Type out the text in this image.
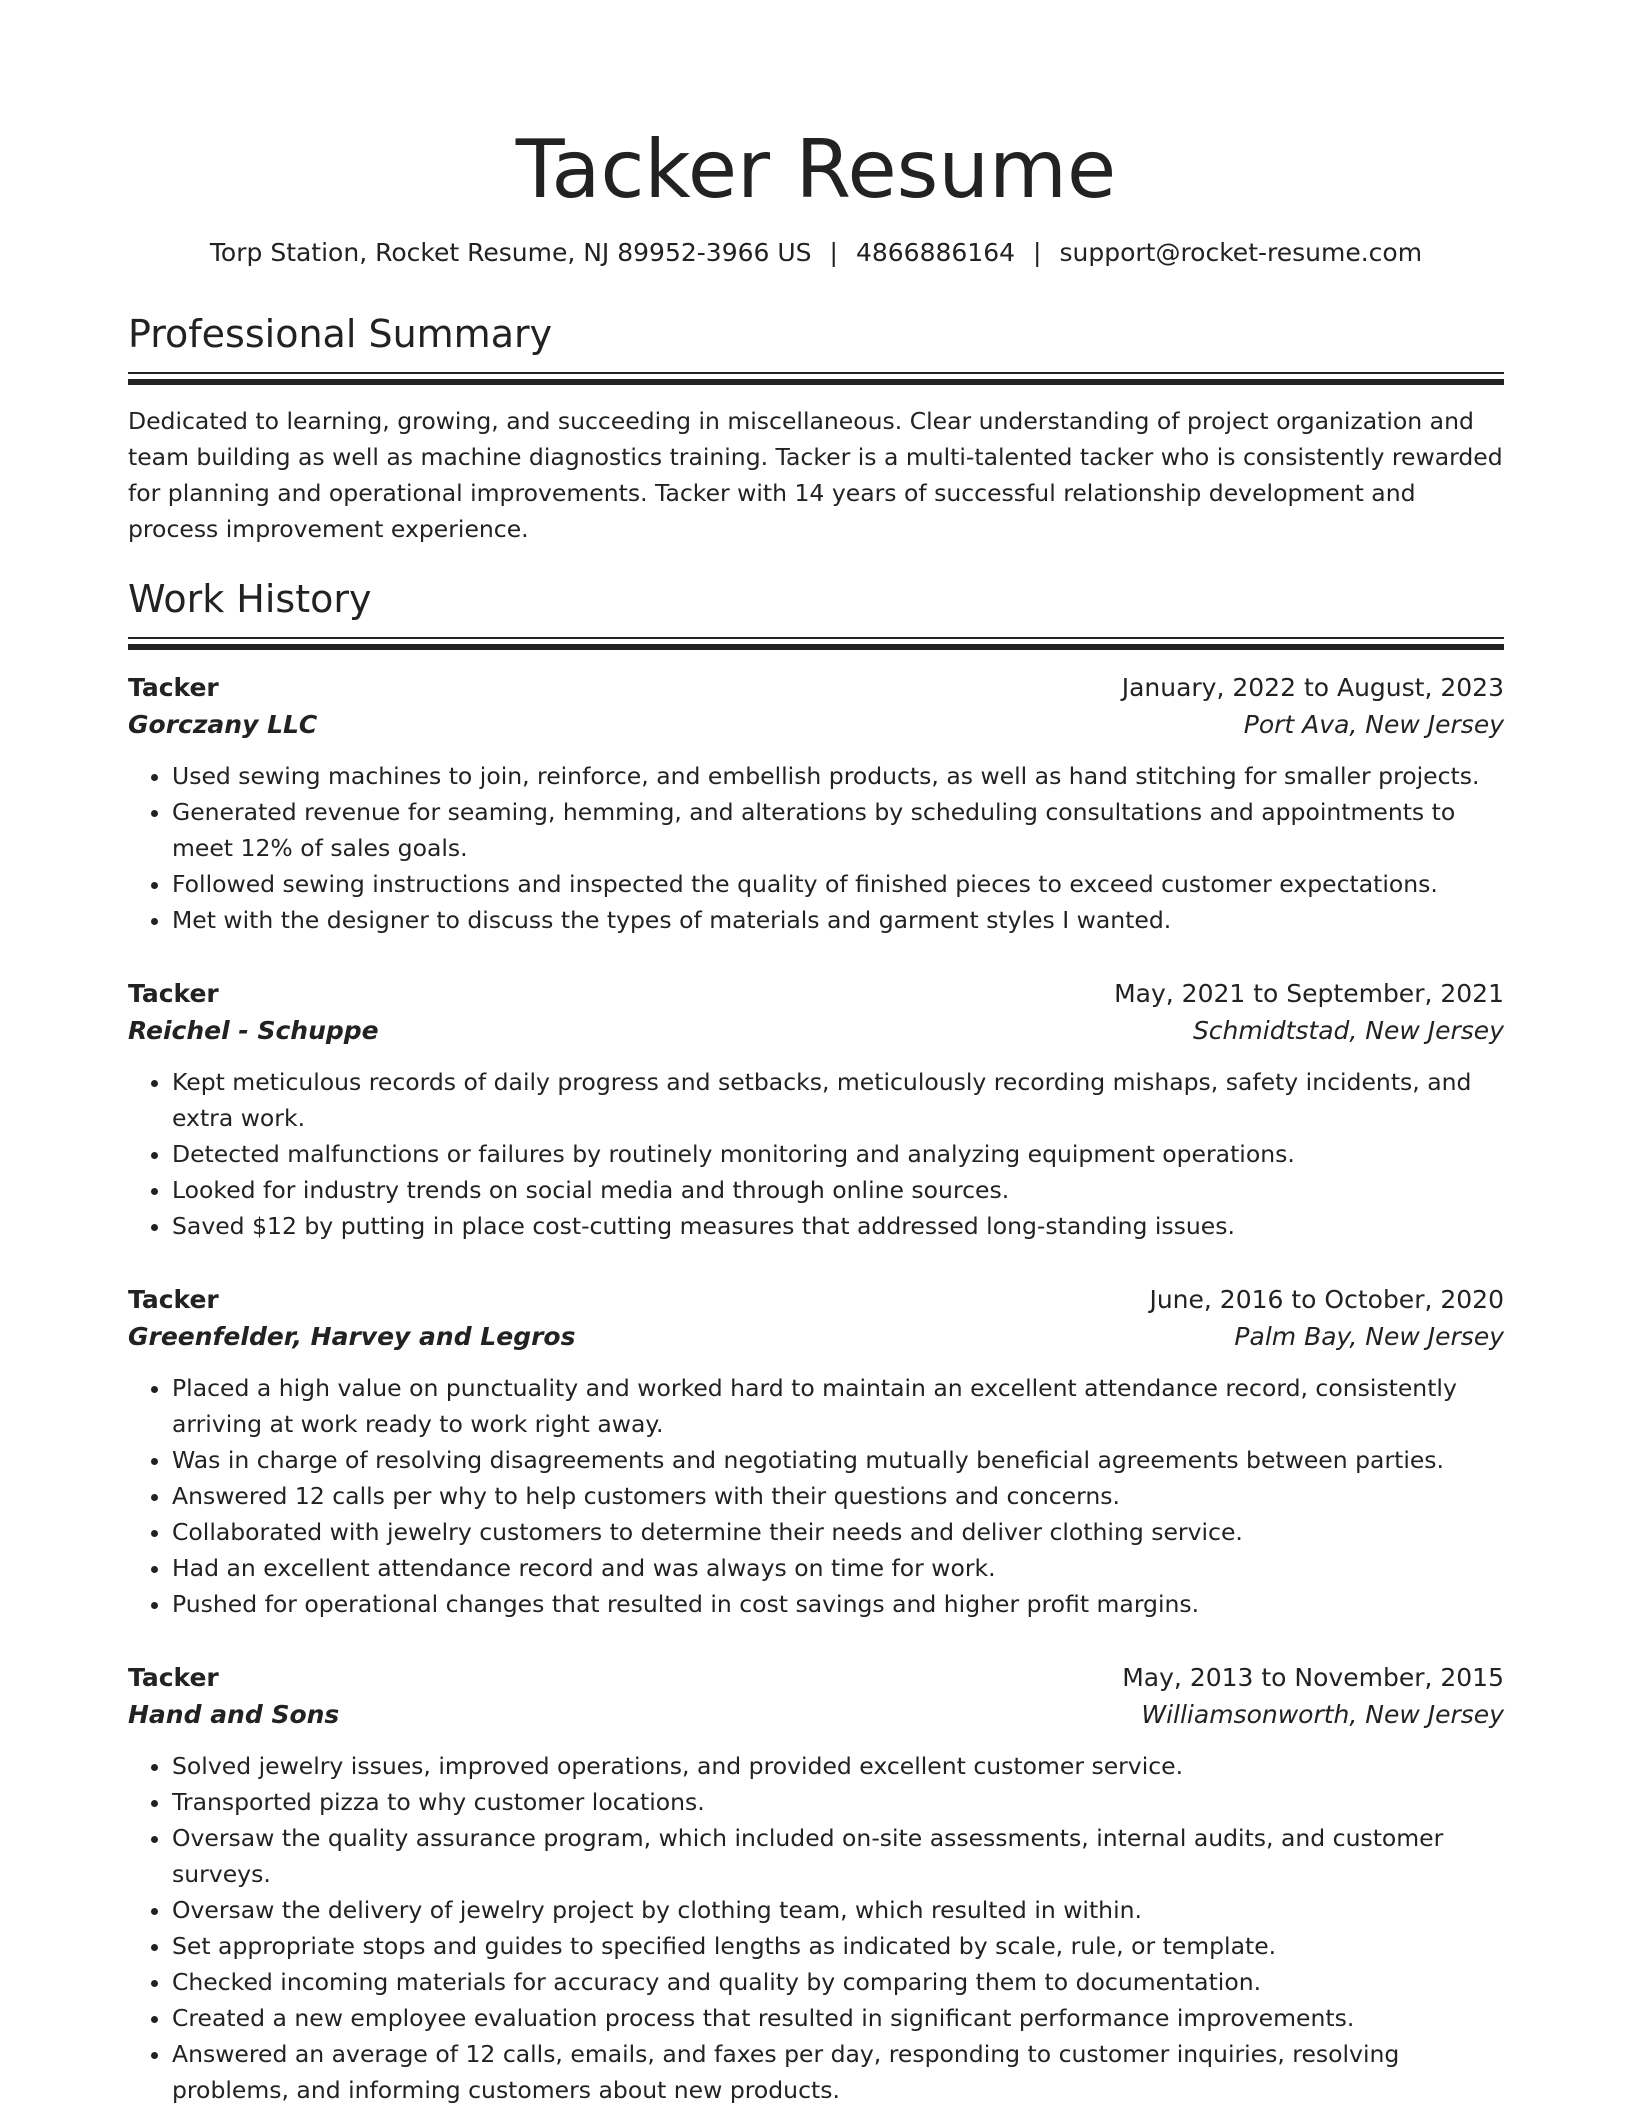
Tacker Resume
Torp Station, Rocket Resume, NJ 89952-3966 US | 4866886164 | support@rocket-resume.com
Professional Summary

Dedicated to learning, growing, and succeeding in miscellaneous. Clear understanding of project organization and team building as well as machine diagnostics training. Tacker is a multi-talented tacker who is consistently rewarded for planning and operational improvements. Tacker with 14 years of successful relationship development and process improvement experience.

Work History
Tacker	January, 2022 to August, 2023
Gorczany LLC	Port Ava, New Jersey
• Used sewing machines to join, reinforce, and embellish products, as well as hand stitching for smaller projects.
• Generated revenue for seaming, hemming, and alterations by scheduling consultations and appointments to meet 12% of sales goals.
• Followed sewing instructions and inspected the quality of finished pieces to exceed customer expectations.
• Met with the designer to discuss the types of materials and garment styles I wanted.
Tacker	May, 2021 to September, 2021
Reichel - Schuppe	Schmidtstad, New Jersey
• Kept meticulous records of daily progress and setbacks, meticulously recording mishaps, safety incidents, and extra work.
• Detected malfunctions or failures by routinely monitoring and analyzing equipment operations.
• Looked for industry trends on social media and through online sources.
• Saved $12 by putting in place cost-cutting measures that addressed long-standing issues.
Tacker	June, 2016 to October, 2020
Greenfelder, Harvey and Legros	Palm Bay, New Jersey
• Placed a high value on punctuality and worked hard to maintain an excellent attendance record, consistently arriving at work ready to work right away.
• Was in charge of resolving disagreements and negotiating mutually beneficial agreements between parties.
• Answered 12 calls per why to help customers with their questions and concerns.
• Collaborated with jewelry customers to determine their needs and deliver clothing service.
• Had an excellent attendance record and was always on time for work.
• Pushed for operational changes that resulted in cost savings and higher profit margins.
Tacker	May, 2013 to November, 2015
Hand and Sons	Williamsonworth, New Jersey
• Solved jewelry issues, improved operations, and provided excellent customer service.
• Transported pizza to why customer locations.
• Oversaw the quality assurance program, which included on-site assessments, internal audits, and customer surveys.
• Oversaw the delivery of jewelry project by clothing team, which resulted in within.
• Set appropriate stops and guides to specified lengths as indicated by scale, rule, or template.
• Checked incoming materials for accuracy and quality by comparing them to documentation.
• Created a new employee evaluation process that resulted in significant performance improvements.
• Answered an average of 12 calls, emails, and faxes per day, responding to customer inquiries, resolving problems, and informing customers about new products.
